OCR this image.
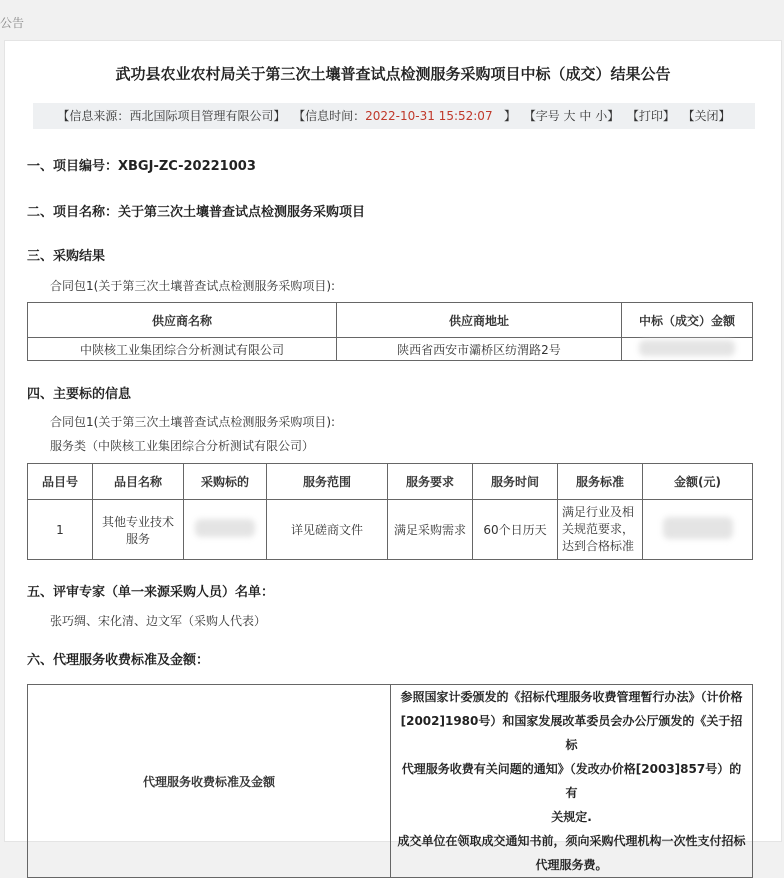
公告
武功县农业农村局关于第三次土壤普查试点检测服务采购项目中标（成交）结果公告
【信息来源：西北国际项目管理有限公司】 【信息时间：2022-10-31 15:52:07 】 【字号 大 中 小】 【打印】 【关闭】
一、项目编号：XBGJ-ZC-20221003
二、项目名称：关于第三次土壤普查试点检测服务采购项目
三、采购结果
合同包1(关于第三次土壤普查试点检测服务采购项目):
供应商名称	供应商地址	中标（成交）金额
中陕核工业集团综合分析测试有限公司	陕西省西安市灞桥区纺渭路2号	
四、主要标的信息
合同包1(关于第三次土壤普查试点检测服务采购项目):
服务类（中陕核工业集团综合分析测试有限公司）
品目号	品目名称	采购标的	服务范围	服务要求	服务时间	服务标准	金额(元)
1	其他专业技术服务		详见磋商文件	满足采购需求	60个日历天	满足行业及相关规范要求，达到合格标准	
五、评审专家（单一来源采购人员）名单：
张巧绸、宋化清、边文军（采购人代表）
六、代理服务收费标准及金额：
代理服务收费标准及金额	
参照国家计委颁发的《招标代理服务收费管理暂行办法》（计价格
[2002]1980号）和国家发展改革委员会办公厅颁发的《关于招标
代理服务收费有关问题的通知》（发改办价格[2003]857号）的有
关规定.
成交单位在领取成交通知书前，须向采购代理机构一次性支付招标
代理服务费。
